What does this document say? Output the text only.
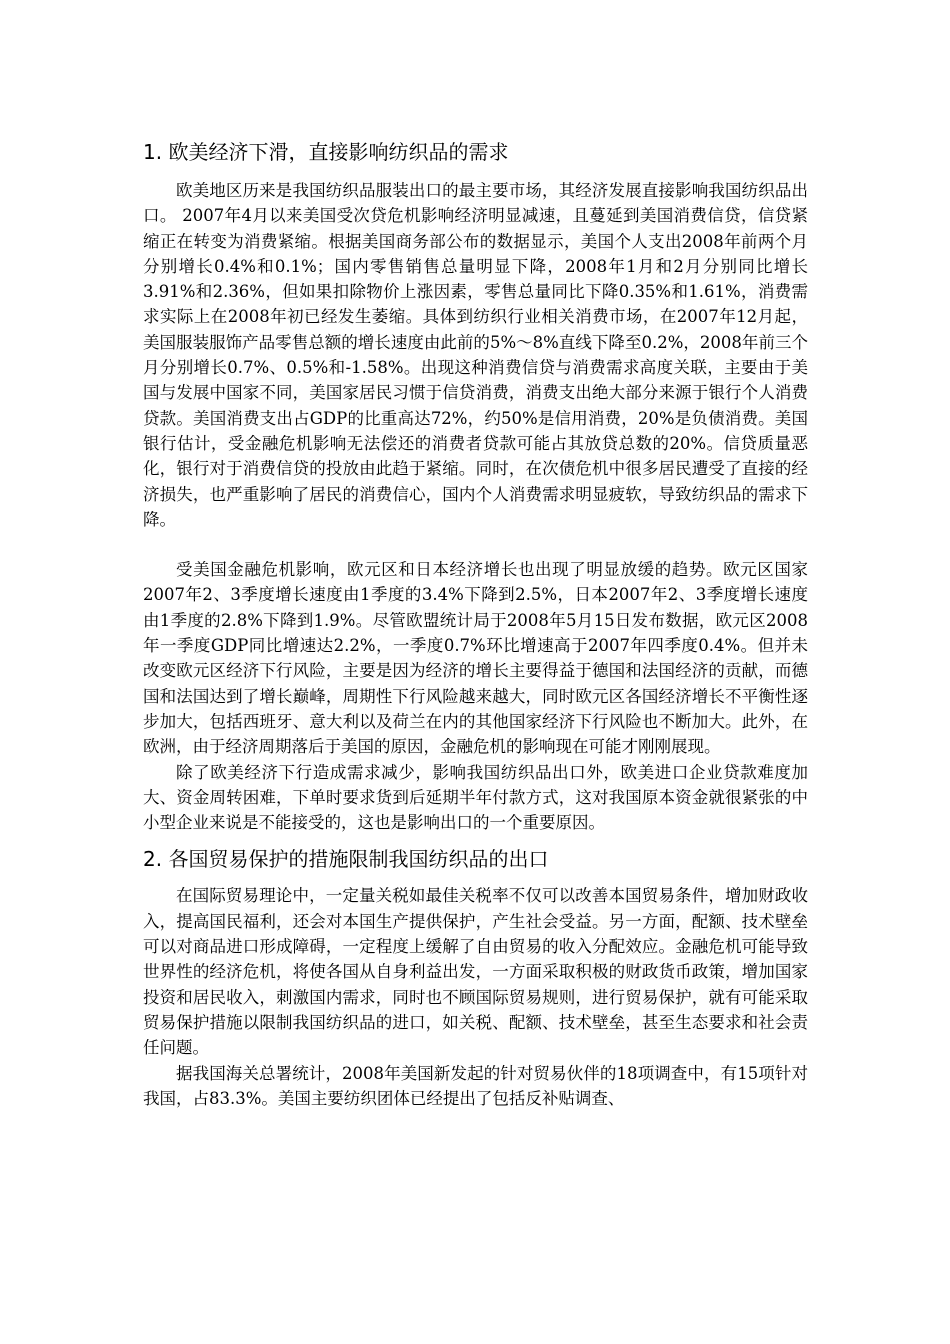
1. 欧美经济下滑，直接影响纺织品的需求

欧美地区历来是我国纺织品服装出口的最主要市场，其经济发展直接影响我国纺织品出口。 2007年4月以来美国受次贷危机影响经济明显减速，且蔓延到美国消费信贷，信贷紧缩正在转变为消费紧缩。根据美国商务部公布的数据显示，美国个人支出2008年前两个月分别增长0.4%和0.1%；国内零售销售总量明显下降，2008年1月和2月分别同比增长3.91%和2.36%，但如果扣除物价上涨因素，零售总量同比下降0.35%和1.61%，消费需求实际上在2008年初已经发生萎缩。具体到纺织行业相关消费市场，在2007年12月起，美国服装服饰产品零售总额的增长速度由此前的5%～8%直线下降至0.2%，2008年前三个月分别增长0.7%、0.5%和-1.58%。出现这种消费信贷与消费需求高度关联，主要由于美国与发展中国家不同，美国家居民习惯于信贷消费，消费支出绝大部分来源于银行个人消费贷款。美国消费支出占GDP的比重高达72%，约50%是信用消费，20%是负债消费。美国银行估计，受金融危机影响无法偿还的消费者贷款可能占其放贷总数的20%。信贷质量恶化，银行对于消费信贷的投放由此趋于紧缩。同时，在次债危机中很多居民遭受了直接的经济损失，也严重影响了居民的消费信心，国内个人消费需求明显疲软，导致纺织品的需求下降。

受美国金融危机影响，欧元区和日本经济增长也出现了明显放缓的趋势。欧元区国家2007年2、3季度增长速度由1季度的3.4%下降到2.5%，日本2007年2、3季度增长速度由1季度的2.8%下降到1.9%。尽管欧盟统计局于2008年5月15日发布数据，欧元区2008年一季度GDP同比增速达2.2%，一季度0.7%环比增速高于2007年四季度0.4%。但并未改变欧元区经济下行风险，主要是因为经济的增长主要得益于德国和法国经济的贡献，而德国和法国达到了增长巅峰，周期性下行风险越来越大，同时欧元区各国经济增长不平衡性逐步加大，包括西班牙、意大利以及荷兰在内的其他国家经济下行风险也不断加大。此外，在欧洲，由于经济周期落后于美国的原因，金融危机的影响现在可能才刚刚展现。

除了欧美经济下行造成需求减少，影响我国纺织品出口外，欧美进口企业贷款难度加大、资金周转困难，下单时要求货到后延期半年付款方式，这对我国原本资金就很紧张的中小型企业来说是不能接受的，这也是影响出口的一个重要原因。

2. 各国贸易保护的措施限制我国纺织品的出口

在国际贸易理论中，一定量关税如最佳关税率不仅可以改善本国贸易条件，增加财政收入，提高国民福利，还会对本国生产提供保护，产生社会受益。另一方面，配额、技术壁垒可以对商品进口形成障碍，一定程度上缓解了自由贸易的收入分配效应。金融危机可能导致世界性的经济危机，将使各国从自身利益出发，一方面采取积极的财政货币政策，增加国家投资和居民收入，刺激国内需求，同时也不顾国际贸易规则，进行贸易保护，就有可能采取贸易保护措施以限制我国纺织品的进口，如关税、配额、技术壁垒，甚至生态要求和社会责任问题。

据我国海关总署统计，2008年美国新发起的针对贸易伙伴的18项调查中，有15项针对我国，占83.3%。美国主要纺织团体已经提出了包括反补贴调查、
